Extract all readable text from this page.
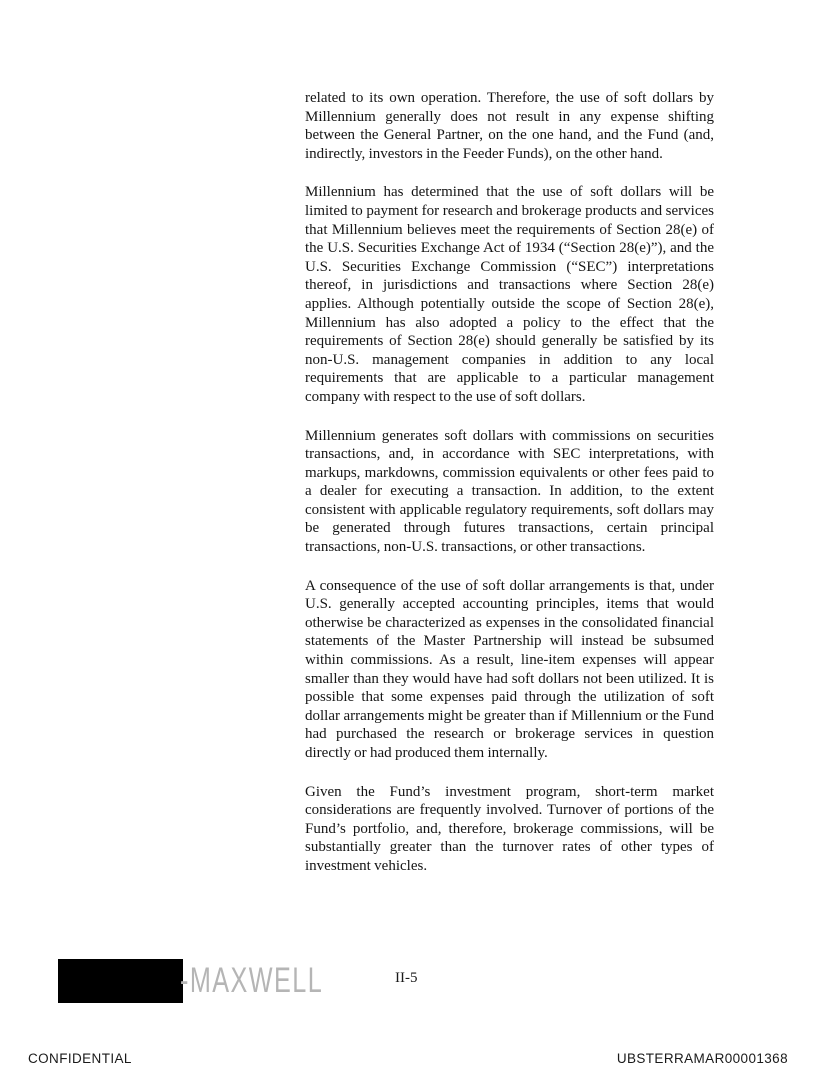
related to its own operation. Therefore, the use of soft dollars by Millennium generally does not result in any expense shifting between the General Partner, on the one hand, and the Fund (and, indirectly, investors in the Feeder Funds), on the other hand.

Millennium has determined that the use of soft dollars will be limited to payment for research and brokerage products and services that Millennium believes meet the requirements of Section 28(e) of the U.S. Securities Exchange Act of 1934 (“Section 28(e)”), and the U.S. Securities Exchange Commission (“SEC”) interpretations thereof, in jurisdictions and transactions where Section 28(e) applies. Although potentially outside the scope of Section 28(e), Millennium has also adopted a policy to the effect that the requirements of Section 28(e) should generally be satisfied by its non-U.S. management companies in addition to any local requirements that are applicable to a particular management company with respect to the use of soft dollars.

Millennium generates soft dollars with commissions on securities transactions, and, in accordance with SEC interpretations, with markups, markdowns, commission equivalents or other fees paid to a dealer for executing a transaction. In addition, to the extent consistent with applicable regulatory requirements, soft dollars may be generated through futures transactions, certain principal transactions, non-U.S. transactions, or other transactions.

A consequence of the use of soft dollar arrangements is that, under U.S. generally accepted accounting principles, items that would otherwise be characterized as expenses in the consolidated financial statements of the Master Partnership will instead be subsumed within commissions. As a result, line-item expenses will appear smaller than they would have had soft dollars not been utilized. It is possible that some expenses paid through the utilization of soft dollar arrangements might be greater than if Millennium or the Fund had purchased the research or brokerage services in question directly or had produced them internally.

Given the Fund’s investment program, short-term market considerations are frequently involved. Turnover of portions of the Fund’s portfolio, and, therefore, brokerage commissions, will be substantially greater than the turnover rates of other types of investment vehicles.

-MAXWELL	II-5
CONFIDENTIAL	UBSTERRAMAR00001368
